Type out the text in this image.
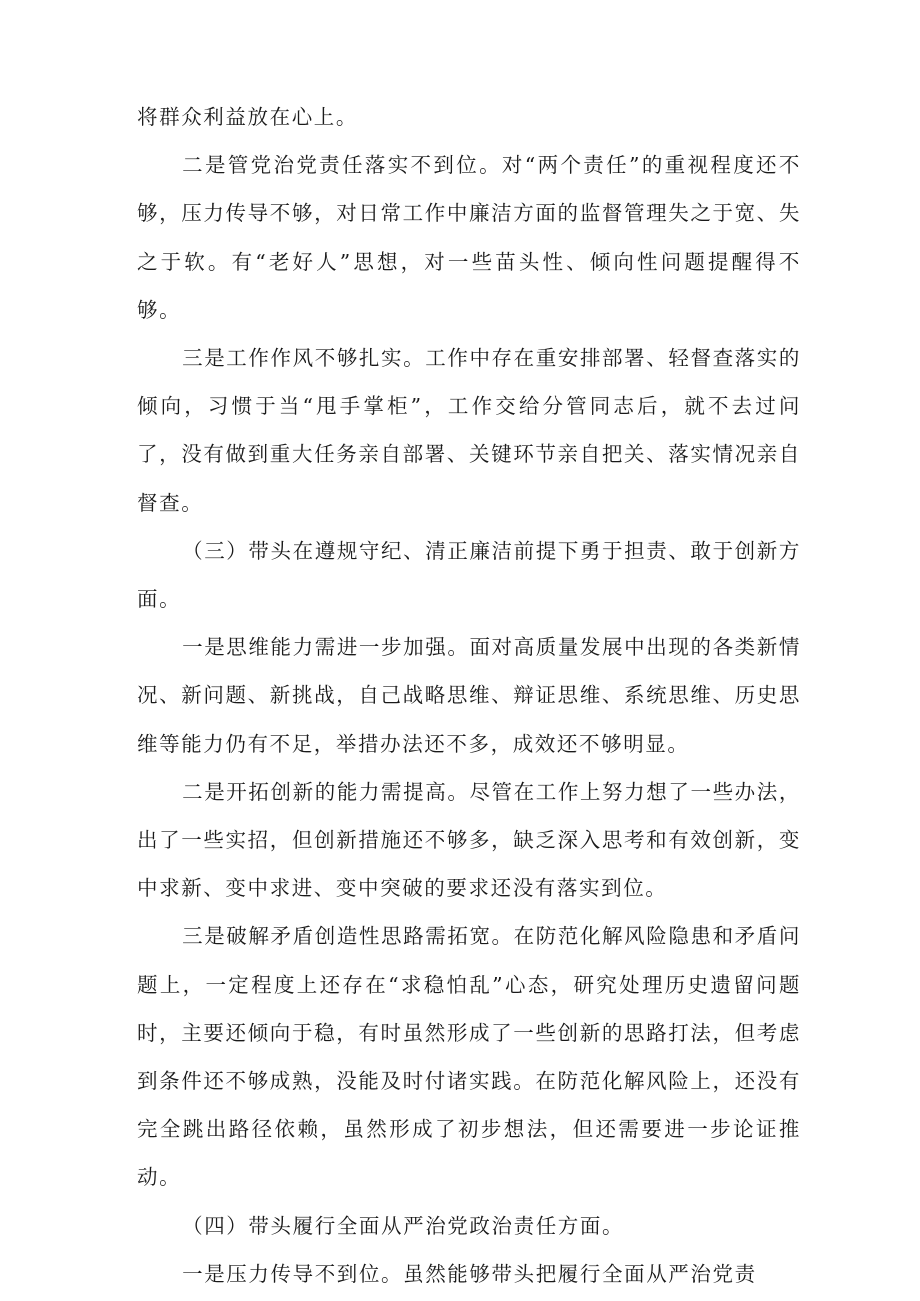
将群众利益放在心上。

二是管党治党责任落实不到位。对“两个责任”的重视程度还不够，压力传导不够，对日常工作中廉洁方面的监督管理失之于宽、失之于软。有“老好人”思想，对一些苗头性、倾向性问题提醒得不够。

三是工作作风不够扎实。工作中存在重安排部署、轻督查落实的倾向，习惯于当“甩手掌柜”，工作交给分管同志后，就不去过问了，没有做到重大任务亲自部署、关键环节亲自把关、落实情况亲自督查。

（三）带头在遵规守纪、清正廉洁前提下勇于担责、敢于创新方面。

一是思维能力需进一步加强。面对高质量发展中出现的各类新情况、新问题、新挑战，自己战略思维、辩证思维、系统思维、历史思维等能力仍有不足，举措办法还不多，成效还不够明显。

二是开拓创新的能力需提高。尽管在工作上努力想了一些办法，出了一些实招，但创新措施还不够多，缺乏深入思考和有效创新，变中求新、变中求进、变中突破的要求还没有落实到位。

三是破解矛盾创造性思路需拓宽。在防范化解风险隐患和矛盾问题上，一定程度上还存在“求稳怕乱”心态，研究处理历史遗留问题时，主要还倾向于稳，有时虽然形成了一些创新的思路打法，但考虑到条件还不够成熟，没能及时付诸实践。在防范化解风险上，还没有完全跳出路径依赖，虽然形成了初步想法，但还需要进一步论证推动。

（四）带头履行全面从严治党政治责任方面。

一是压力传导不到位。虽然能够带头把履行全面从严治党责
